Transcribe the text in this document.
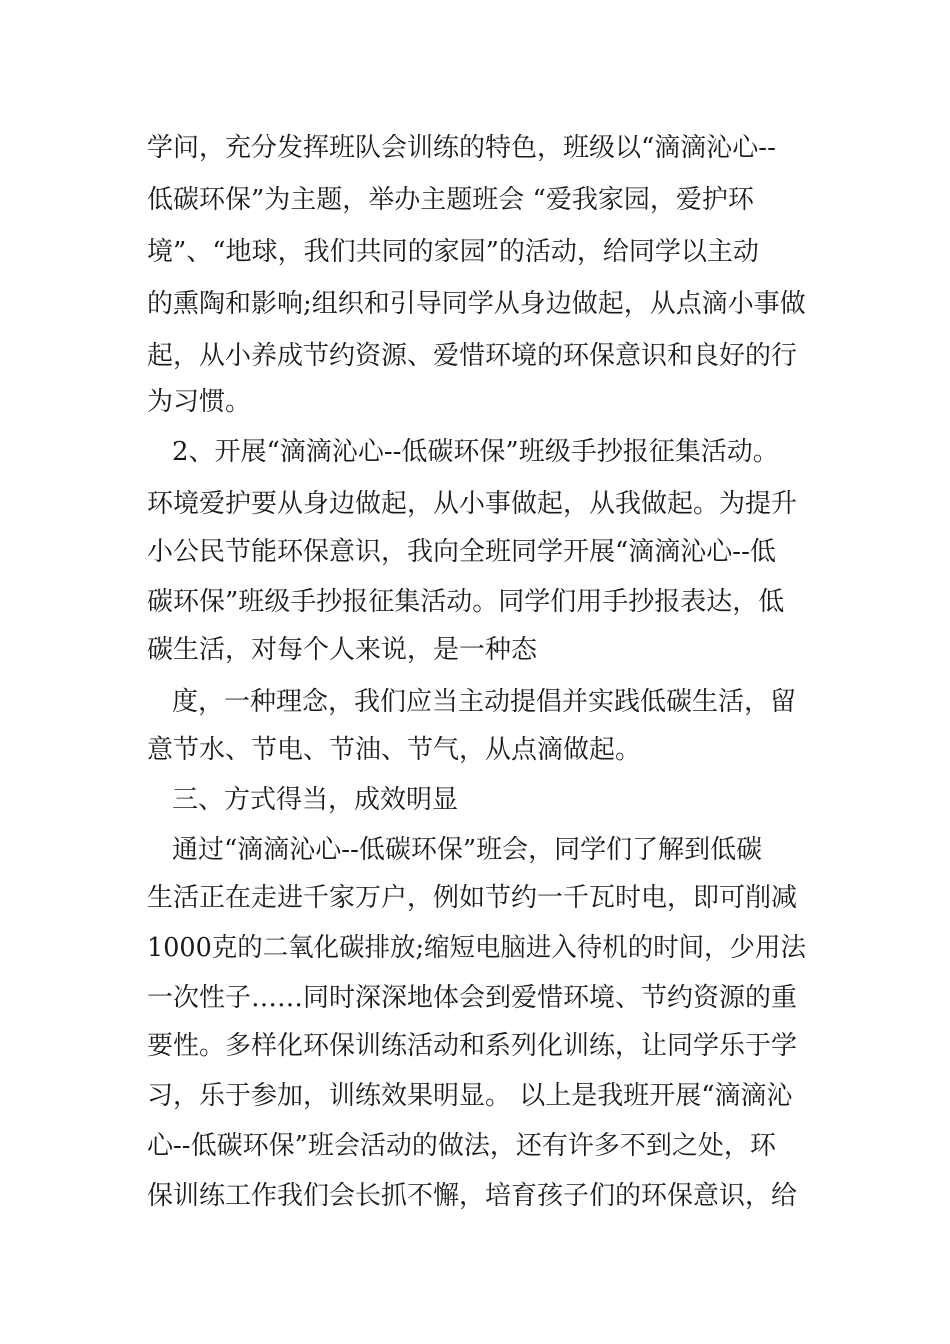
学问，充分发挥班队会训练的特色，班级以“滴滴沁心--
低碳环保”为主题，举办主题班会 “爱我家园，爱护环
境”、“地球，我们共同的家园”的活动，给同学以主动
的熏陶和影响;组织和引导同学从身边做起，从点滴小事做
起，从小养成节约资源、爱惜环境的环保意识和良好的行
为习惯。
2、开展“滴滴沁心--低碳环保”班级手抄报征集活动。
环境爱护要从身边做起，从小事做起，从我做起。为提升
小公民节能环保意识，我向全班同学开展“滴滴沁心--低
碳环保”班级手抄报征集活动。同学们用手抄报表达，低
碳生活，对每个人来说，是一种态
度，一种理念，我们应当主动提倡并实践低碳生活，留
意节水、节电、节油、节气，从点滴做起。
三、方式得当，成效明显
通过“滴滴沁心--低碳环保”班会，同学们了解到低碳
生活正在走进千家万户，例如节约一千瓦时电，即可削减
1000克的二氧化碳排放;缩短电脑进入待机的时间，少用法
一次性子……同时深深地体会到爱惜环境、节约资源的重
要性。多样化环保训练活动和系列化训练，让同学乐于学
习，乐于参加，训练效果明显。 以上是我班开展“滴滴沁
心--低碳环保”班会活动的做法，还有许多不到之处，环
保训练工作我们会长抓不懈，培育孩子们的环保意识，给
